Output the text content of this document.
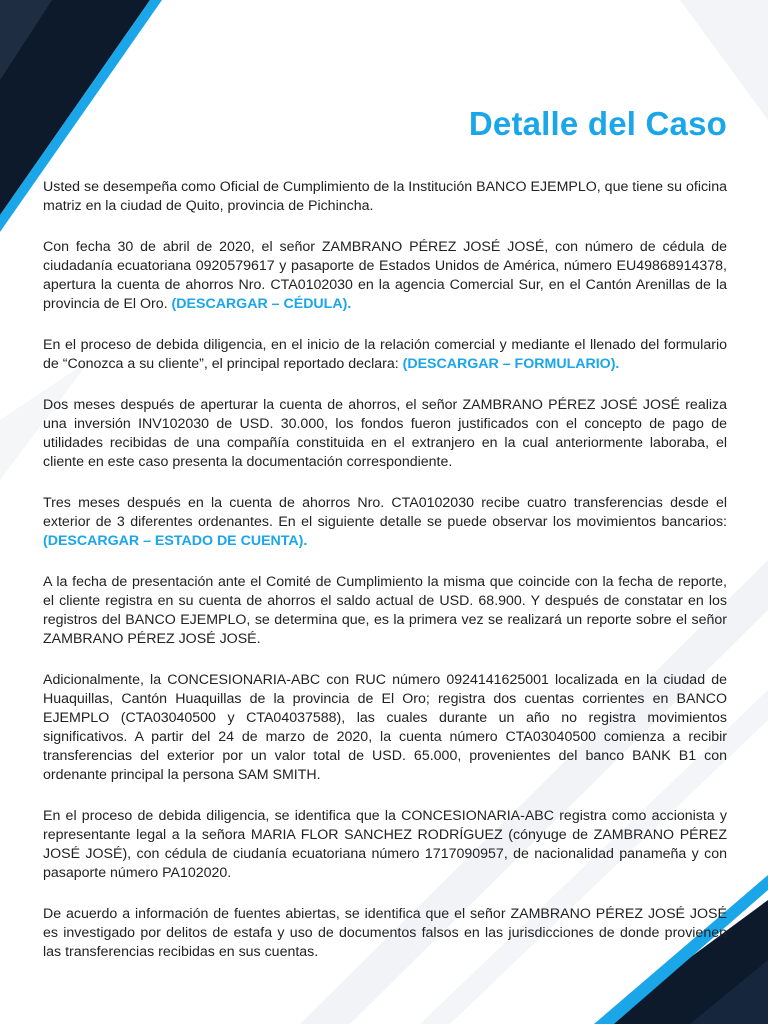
Detalle del Caso

Usted se desempeña como Oficial de Cumplimiento de la Institución BANCO EJEMPLO, que tiene su oficina matriz en la ciudad de Quito, provincia de Pichincha.

Con fecha 30 de abril de 2020, el señor ZAMBRANO PÉREZ JOSÉ JOSÉ, con número de cédula de ciudadanía ecuatoriana 0920579617 y pasaporte de Estados Unidos de América, número EU49868914378, apertura la cuenta de ahorros Nro. CTA0102030 en la agencia Comercial Sur, en el Cantón Arenillas de la provincia de El Oro. (DESCARGAR – CÉDULA).

En el proceso de debida diligencia, en el inicio de la relación comercial y mediante el llenado del formulario de “Conozca a su cliente”, el principal reportado declara: (DESCARGAR – FORMULARIO).

Dos meses después de aperturar la cuenta de ahorros, el señor ZAMBRANO PÉREZ JOSÉ JOSÉ realiza una inversión INV102030 de USD. 30.000, los fondos fueron justificados con el concepto de pago de utilidades recibidas de una compañía constituida en el extranjero en la cual anteriormente laboraba, el cliente en este caso presenta la documentación correspondiente.

Tres meses después en la cuenta de ahorros Nro. CTA0102030 recibe cuatro transferencias desde el exterior de 3 diferentes ordenantes. En el siguiente detalle se puede observar los movimientos bancarios: (DESCARGAR – ESTADO DE CUENTA).

A la fecha de presentación ante el Comité de Cumplimiento la misma que coincide con la fecha de reporte, el cliente registra en su cuenta de ahorros el saldo actual de USD. 68.900. Y después de constatar en los registros del BANCO EJEMPLO, se determina que, es la primera vez se realizará un reporte sobre el señor ZAMBRANO PÉREZ JOSÉ JOSÉ.

Adicionalmente, la CONCESIONARIA-ABC con RUC número 0924141625001 localizada en la ciudad de Huaquillas, Cantón Huaquillas de la provincia de El Oro; registra dos cuentas corrientes en BANCO EJEMPLO (CTA03040500 y CTA04037588), las cuales durante un año no registra movimientos significativos. A partir del 24 de marzo de 2020, la cuenta número CTA03040500 comienza a recibir transferencias del exterior por un valor total de USD. 65.000, provenientes del banco BANK B1 con ordenante principal la persona SAM SMITH.

En el proceso de debida diligencia, se identifica que la CONCESIONARIA-ABC registra como accionista y representante legal a la señora MARIA FLOR SANCHEZ RODRÍGUEZ (cónyuge de ZAMBRANO PÉREZ JOSÉ JOSÉ), con cédula de ciudanía ecuatoriana número 1717090957, de nacionalidad panameña y con pasaporte número PA102020.

De acuerdo a información de fuentes abiertas, se identifica que el señor ZAMBRANO PÉREZ JOSÉ JOSÉ es investigado por delitos de estafa y uso de documentos falsos en las jurisdicciones de donde provienen las transferencias recibidas en sus cuentas.
